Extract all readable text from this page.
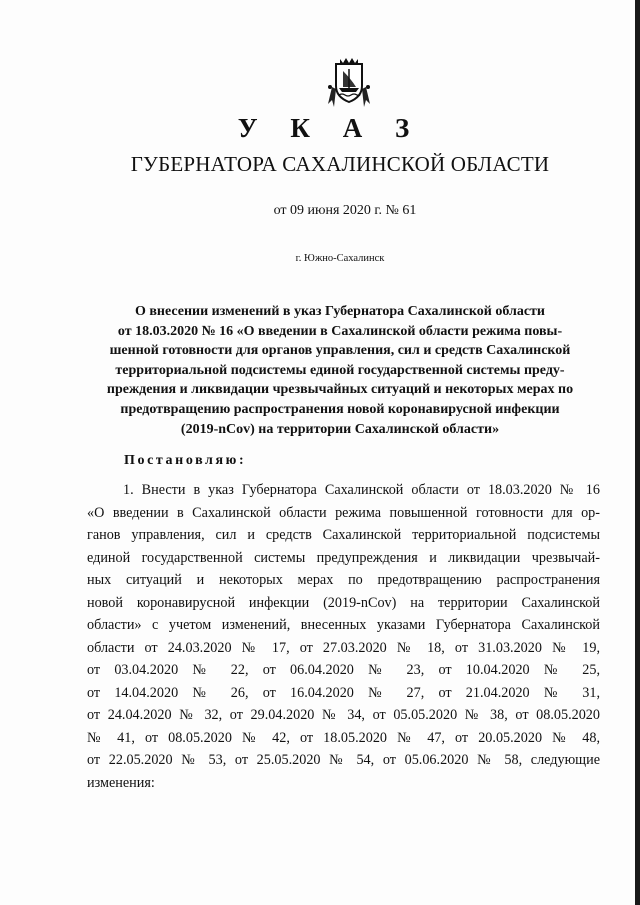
У К А З
ГУБЕРНАТОРА САХАЛИНСКОЙ ОБЛАСТИ
от 09 июня 2020 г. № 61
г. Южно-Сахалинск
О внесении изменений в указ Губернатора Сахалинской области
от 18.03.2020 № 16 «О введении в Сахалинской области режима повы-
шенной готовности для органов управления, сил и средств Сахалинской
территориальной подсистемы единой государственной системы преду-
преждения и ликвидации чрезвычайных ситуаций и некоторых мерах по
предотвращению распространения новой коронавирусной инфекции
(2019-nCov) на территории Сахалинской области»
Постановляю:
1. Внести в указ Губернатора Сахалинской области от 18.03.2020 № 16
«О введении в Сахалинской области режима повышенной готовности для ор-
ганов управления, сил и средств Сахалинской территориальной подсистемы
единой государственной системы предупреждения и ликвидации чрезвычай-
ных ситуаций и некоторых мерах по предотвращению распространения
новой коронавирусной инфекции (2019-nCov) на территории Сахалинской
области» с учетом изменений, внесенных указами Губернатора Сахалинской
области от 24.03.2020 № 17, от 27.03.2020 № 18, от 31.03.2020 № 19,
от 03.04.2020 № 22, от 06.04.2020 № 23, от 10.04.2020 № 25,
от 14.04.2020 № 26, от 16.04.2020 № 27, от 21.04.2020 № 31,
от 24.04.2020 № 32, от 29.04.2020 № 34, от 05.05.2020 № 38, от 08.05.2020
№ 41, от 08.05.2020 № 42, от 18.05.2020 № 47, от 20.05.2020 № 48,
от 22.05.2020 № 53, от 25.05.2020 № 54, от 05.06.2020 № 58, следующие
изменения:
